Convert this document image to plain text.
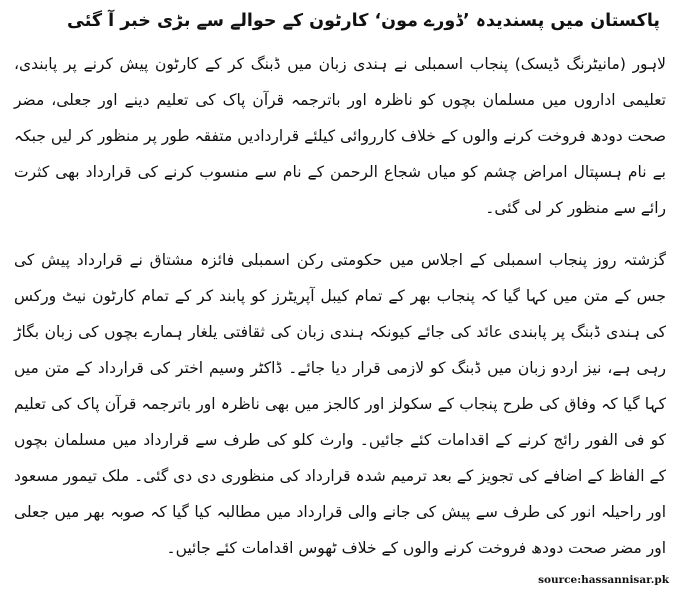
پاکستان میں پسندیدہ ’ڈورے مون‘ کارٹون کے حوالے سے بڑی خبر آ گئی

لاہور (مانیٹرنگ ڈیسک) پنجاب اسمبلی نے ہندی زبان میں ڈبنگ کر کے کارٹون پیش کرنے پر پابندی، تعلیمی اداروں میں مسلمان بچوں کو ناظرہ اور باترجمہ قرآن پاک کی تعلیم دینے اور جعلی، مضر صحت دودھ فروخت کرنے والوں کے خلاف کارروائی کیلئے قراردادیں متفقہ طور پر منظور کر لیں جبکہ بے نام ہسپتال امراض چشم کو میاں شجاع الرحمن کے نام سے منسوب کرنے کی قرارداد بھی کثرت رائے سے منظور کر لی گئی۔

گزشتہ روز پنجاب اسمبلی کے اجلاس میں حکومتی رکن اسمبلی فائزہ مشتاق نے قرارداد پیش کی جس کے متن میں کہا گیا کہ پنجاب بھر کے تمام کیبل آپریٹرز کو پابند کر کے تمام کارٹون نیٹ ورکس کی ہندی ڈبنگ پر پابندی عائد کی جائے کیونکہ ہندی زبان کی ثقافتی یلغار ہمارے بچوں کی زبان بگاڑ رہی ہے، نیز اردو زبان میں ڈبنگ کو لازمی قرار دیا جائے۔ ڈاکٹر وسیم اختر کی قرارداد کے متن میں کہا گیا کہ وفاق کی طرح پنجاب کے سکولز اور کالجز میں بھی ناظرہ اور باترجمہ قرآن پاک کی تعلیم کو فی الفور رائج کرنے کے اقدامات کئے جائیں۔ وارث کلو کی طرف سے قرارداد میں مسلمان بچوں کے الفاظ کے اضافے کی تجویز کے بعد ترمیم شدہ قرارداد کی منظوری دی دی گئی۔ ملک تیمور مسعود اور راحیلہ انور کی طرف سے پیش کی جانے والی قرارداد میں مطالبہ کیا گیا کہ صوبہ بھر میں جعلی اور مضر صحت دودھ فروخت کرنے والوں کے خلاف ٹھوس اقدامات کئے جائیں۔

source:hassannisar.pk
